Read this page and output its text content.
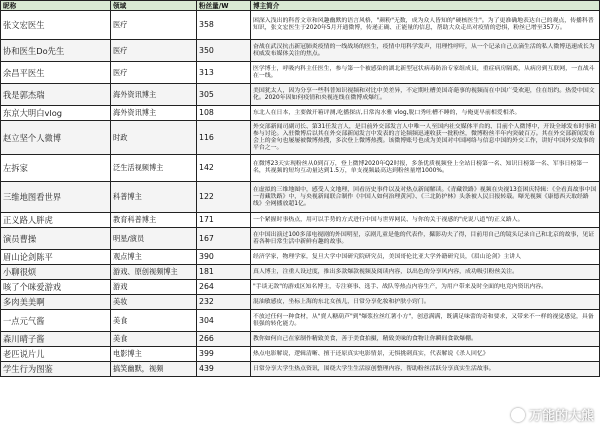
昵称	领域	粉丝量/W	博主简介
张文宏医生	医疗	358	困深入浅出的科普文章和风趣幽默的语言风格，"颜粉"无数，成为众人皆知的"硬核医生"。为了更准确地表达自己的观点，传播科普知识，张文宏医生于2020年5月开通微博，传递正确、正能量的信息，帮助大众走出对疫情的恐惧，粉丝已增至357万。
协和医生Do先生	医疗	350	奋战在武汉抗击新冠肺炎疫情的一线战场的医生，疫情中用科学发声，用理性呼吁，从一个记录自己点滴生活的私人微博迅速成长为权威发布媒体关注的焦点。
余昌平医生	医疗	313	医学博士，呼吸内科主任医生，参与第一个被感染的湖北新型冠状病毒防治专家组成员，重症病房隔离，从病房到互联网，一直战斗在一线。
我是郭杰瑞	海外资讯博主	305	美国犹太人，因为分享一些科普知识视频和对比中美差异，不定期吐槽美国奇葩事的视频而在中国广受欢迎，住在纽约。热爱中国文化。2020年因如何疫情和央视连线在微博成爆红。
东京大明白vlog	海外资讯博主	108	东北人在日本，主要做开箱评测,吃播探店,日常沟水雅 vlog,脱口秀吐槽不睡的，与俺更早前相爱相杀。
赵立坚个人微博	时政	116	外交部新闻司副司长、第31任发言人，是目前外交部发言人中唯一人至国内社交媒体平台的、目前个人微博中，开设全球发布时事和参与讨论。入驻微博后以其在外交部新闻发言中发表的言论频频迅速收获一批粉丝，微博粉丝半年内突破百万。其在外交部新闻发布会上的金句也屡屡被微博热搜，多次登上微博热搜。该微博账号也成为美国对中国网络与信息中国的外交工作，讲好中国外交故事的平台之一。
左拆家	泛生活视频博主	142	在微博23天实现粉丝从0到百万，登上微博2020年Q2时报，多条优质视频登上全站日榜第一名、知识日榜第一名、军事日榜第一名，其视频的短均互动量达到1.5万，单支视频最高达到粉丝量增1000%。
三维地图看世界	科普博主	122	在虚拟的三维地图中，感受人文地理，回看历史事件以及对热点新闻解读。《青藏铁路》视频在央视13套困庆特辑：《全看真故事中国一青藏铁路》中，与央视新闻联合制作《中国人如何治理黄河》、《三北防护林》头条被人民日报转载。曝光视频《康德西天取经路线》全网播放超1亿。
正义路人胖虎	教育科普博主	171	一个紧握时事热点，用可以手势的方式进行中国与世界网民、与你的关于视感的"虎说八道"的正义路人。
演员曹操	明星/演员	167	在中国出演过100多部电视剧的外国明星，京剧儿童是他的代表作，攝影功夫了得，目前用自己的镜头记录自己和北京的故事，见证着各种日常生活中新鲜有趣的故事。
眉山论剑陈平	观点博主	390	经济学家，物理学家，复旦大学中国研究院研究员，美国哥伦比亚大学外籍研究员，《眉山论剑》主讲人
小聊很烦	游戏、原创视频博主	181	真人博主，注重人设过度，推出多款爆款视频及阅读内容，以出色的分享风内容，成功吸引粉丝关注。
咳了个咪爱游戏	游戏	264	"手谈无敌"的游戏区知名博主，专注赛事、选手、战队等热点内容生产，为用户带来及时全面的电竞内资讯内容。
多肉美美啊	美妆	232	混油敏感皮，坐标上海的东北女孩儿，日常分享化妆和护肤小窍门。
一点元气酱	美食	304	不放过任何一种食材，从"賣人糖葫芦"到"爆浆拉丝红薯小方"，创意满满，既满足味蕾的奇和要求，又带来不一样的视觉感觉，具备很强的转化能力。
森川晴子酱	美食	266	教你如何自己在家制作精致美食，善于美食拍摄，精致美味的食物让你瞬间食欲爆棚。
老匹说片儿	电影博主	399	热点电影解说，逻辑清晰、擅于还原真实电影情景，无惧挑刺真实，代表解说《杀人回忆》
学生行为图鉴	搞笑幽默，视频	439	日常分享大学生热点资讯，围绕大学生生活原创整理内容，帮助粉丝活跃分享真实生活故事。
万能的大熊
